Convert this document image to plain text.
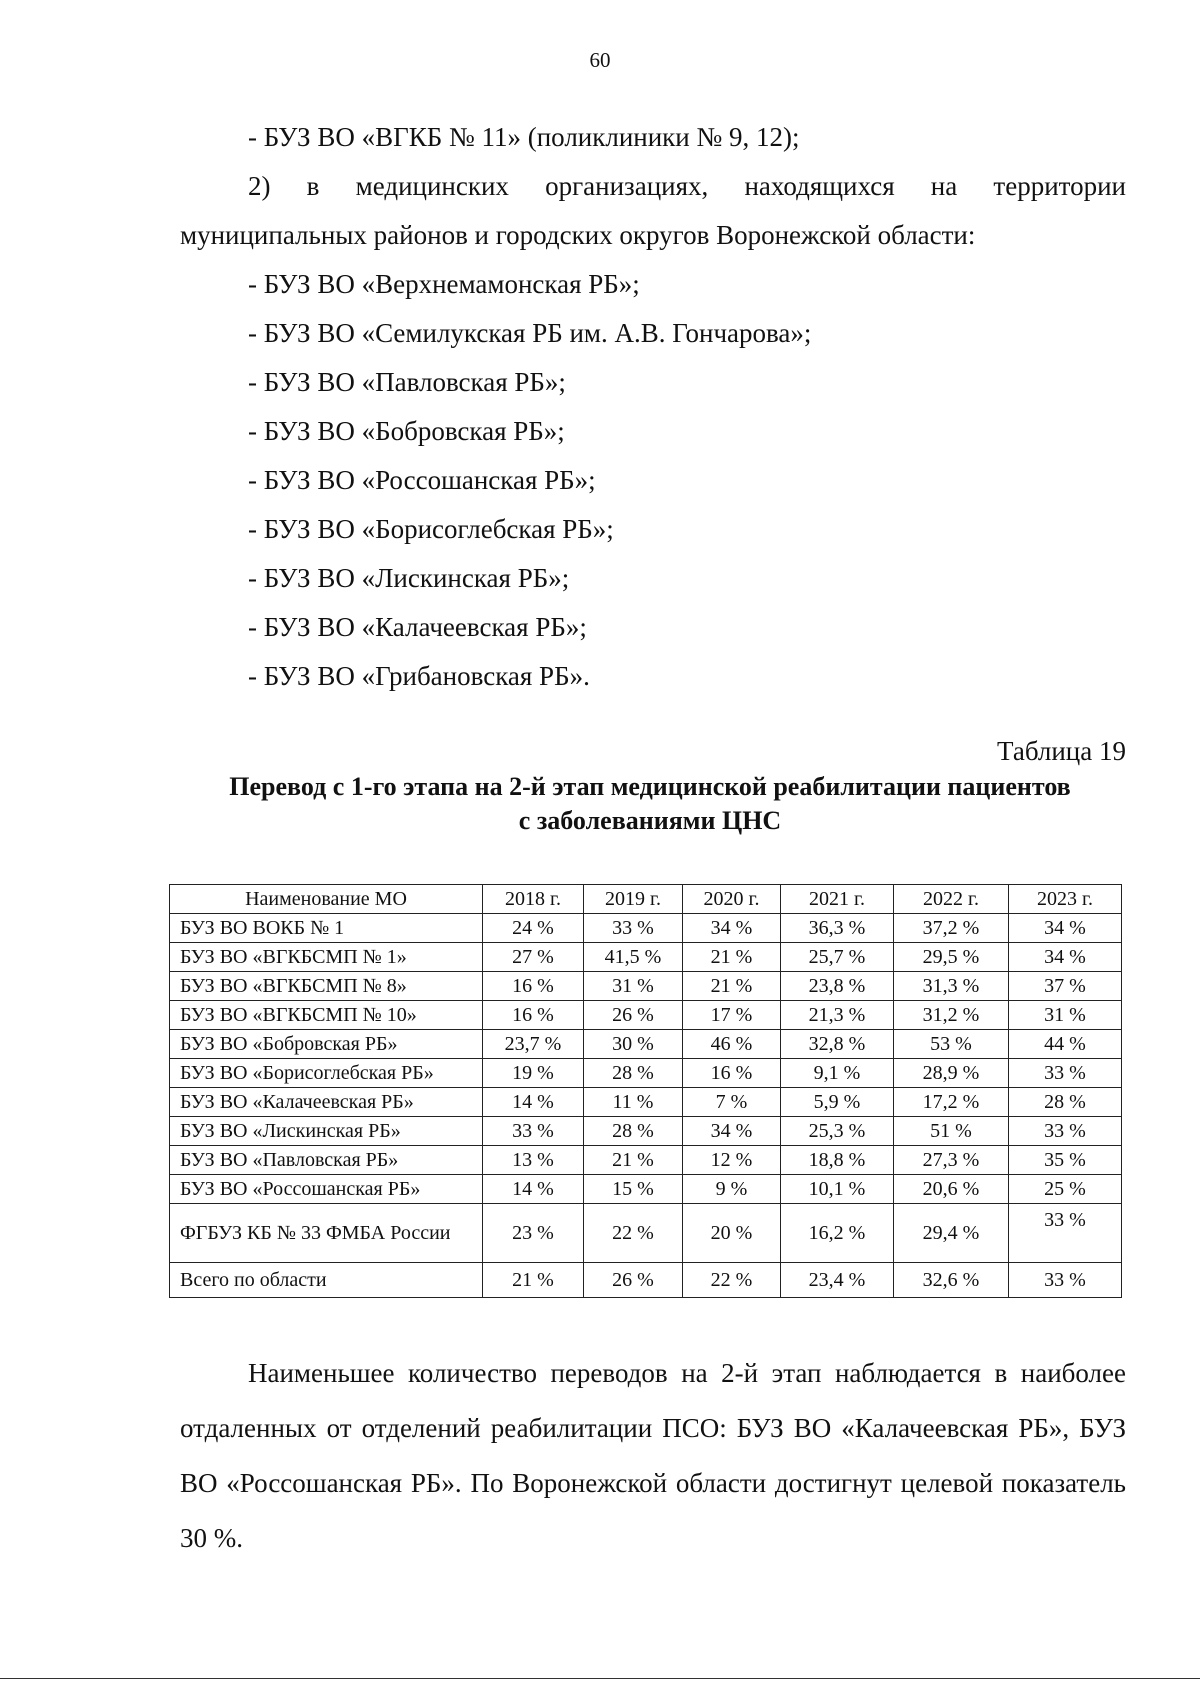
60

- БУЗ ВО «ВГКБ № 11» (поликлиники № 9, 12);

2) в медицинских организациях, находящихся на территории

муниципальных районов и городских округов Воронежской области:

- БУЗ ВО «Верхнемамонская РБ»;

- БУЗ ВО «Семилукская РБ им. А.В. Гончарова»;

- БУЗ ВО «Павловская РБ»;

- БУЗ ВО «Бобровская РБ»;

- БУЗ ВО «Россошанская РБ»;

- БУЗ ВО «Борисоглебская РБ»;

- БУЗ ВО «Лискинская РБ»;

- БУЗ ВО «Калачеевская РБ»;

- БУЗ ВО «Грибановская РБ».

Таблица 19
Перевод с 1-го этапа на 2-й этап медицинской реабилитации пациентов
с заболеваниями ЦНС
Наименование МО	2018 г.	2019 г.	2020 г.	2021 г.	2022 г.	2023 г.
БУЗ ВО ВОКБ № 1	24 %	33 %	34 %	36,3 %	37,2 %	34 %
БУЗ ВО «ВГКБСМП № 1»	27 %	41,5 %	21 %	25,7 %	29,5 %	34 %
БУЗ ВО «ВГКБСМП № 8»	16 %	31 %	21 %	23,8 %	31,3 %	37 %
БУЗ ВО «ВГКБСМП № 10»	16 %	26 %	17 %	21,3 %	31,2 %	31 %
БУЗ ВО «Бобровская РБ»	23,7 %	30 %	46 %	32,8 %	53 %	44 %
БУЗ ВО «Борисоглебская РБ»	19 %	28 %	16 %	9,1 %	28,9 %	33 %
БУЗ ВО «Калачеевская РБ»	14 %	11 %	7 %	5,9 %	17,2 %	28 %
БУЗ ВО «Лискинская РБ»	33 %	28 %	34 %	25,3 %	51 %	33 %
БУЗ ВО «Павловская РБ»	13 %	21 %	12 %	18,8 %	27,3 %	35 %
БУЗ ВО «Россошанская РБ»	14 %	15 %	9 %	10,1 %	20,6 %	25 %
ФГБУЗ КБ № 33 ФМБА России	23 %	22 %	20 %	16,2 %	29,4 %	33 %
Всего по области	21 %	26 %	22 %	23,4 %	32,6 %	33 %

Наименьшее количество переводов на 2-й этап наблюдается в наиболее отдаленных от отделений реабилитации ПСО: БУЗ ВО «Калачеевская РБ», БУЗ ВО «Россошанская РБ». По Воронежской области достигнут целевой показатель 30 %.
